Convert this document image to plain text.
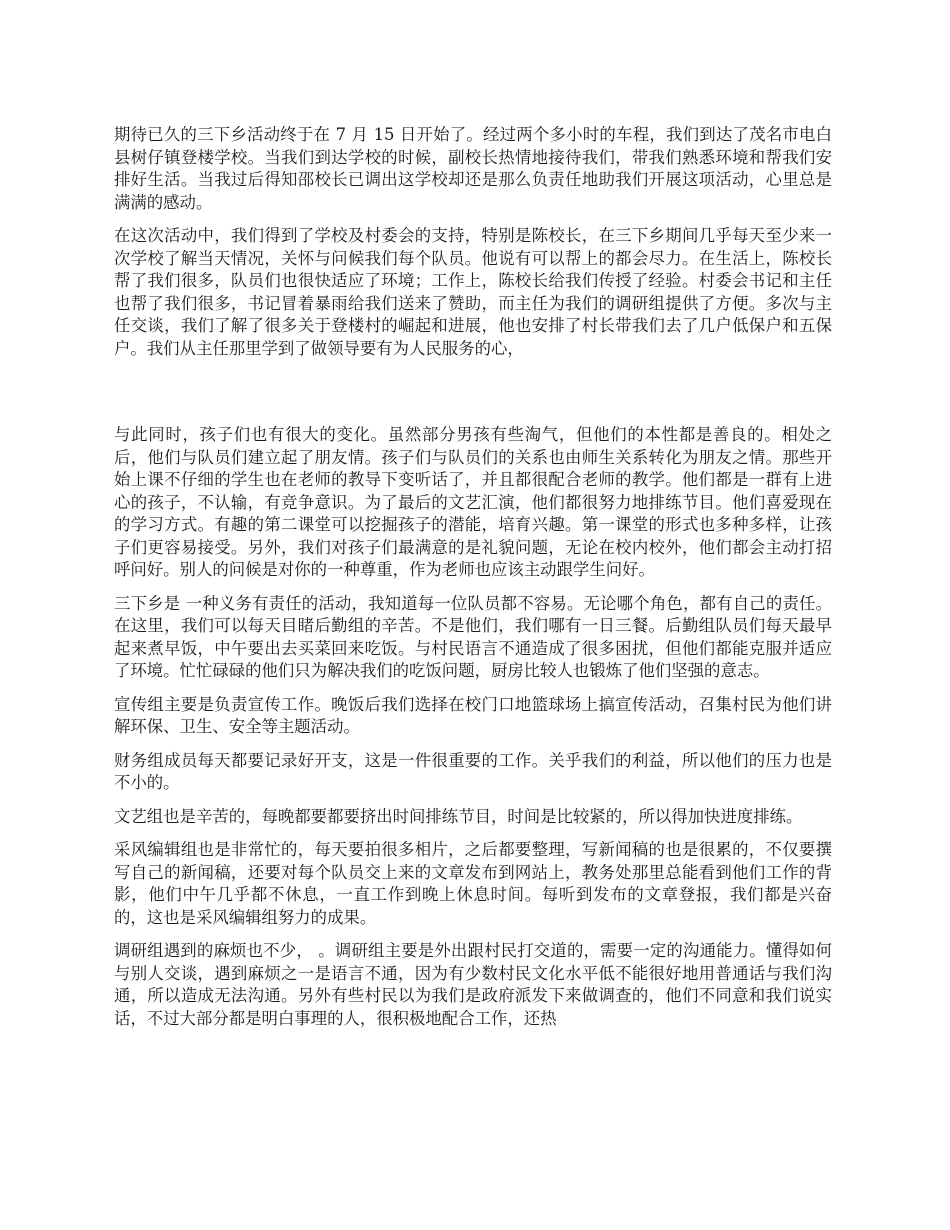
期待已久的三下乡活动终于在 7 月 15 日开始了。经过两个多小时的车程，我们到达了茂名市电白县树仔镇登楼学校。当我们到达学校的时候，副校长热情地接待我们，带我们熟悉环境和帮我们安排好生活。当我过后得知邵校长已调出这学校却还是那么负责任地助我们开展这项活动，心里总是满满的感动。

在这次活动中，我们得到了学校及村委会的支持，特别是陈校长，在三下乡期间几乎每天至少来一次学校了解当天情况，关怀与问候我们每个队员。他说有可以帮上的都会尽力。在生活上，陈校长帮了我们很多，队员们也很快适应了环境；工作上，陈校长给我们传授了经验。村委会书记和主任也帮了我们很多，书记冒着暴雨给我们送来了赞助，而主任为我们的调研组提供了方便。多次与主任交谈，我们了解了很多关于登楼村的崛起和进展，他也安排了村长带我们去了几户低保户和五保户。我们从主任那里学到了做领导要有为人民服务的心，

与此同时，孩子们也有很大的变化。虽然部分男孩有些淘气，但他们的本性都是善良的。相处之后，他们与队员们建立起了朋友情。孩子们与队员们的关系也由师生关系转化为朋友之情。那些开始上课不仔细的学生也在老师的教导下变听话了，并且都很配合老师的教学。他们都是一群有上进心的孩子，不认输，有竞争意识。为了最后的文艺汇演，他们都很努力地排练节目。他们喜爱现在的学习方式。有趣的第二课堂可以挖掘孩子的潜能，培育兴趣。第一课堂的形式也多种多样，让孩子们更容易接受。另外，我们对孩子们最满意的是礼貌问题，无论在校内校外，他们都会主动打招呼问好。别人的问候是对你的一种尊重，作为老师也应该主动跟学生问好。

三下乡是 一种义务有责任的活动，我知道每一位队员都不容易。无论哪个角色，都有自己的责任。在这里，我们可以每天目睹后勤组的辛苦。不是他们，我们哪有一日三餐。后勤组队员们每天最早起来煮早饭，中午要出去买菜回来吃饭。与村民语言不通造成了很多困扰，但他们都能克服并适应了环境。忙忙碌碌的他们只为解决我们的吃饭问题，厨房比较人也锻炼了他们坚强的意志。

宣传组主要是负责宣传工作。晚饭后我们选择在校门口地篮球场上搞宣传活动，召集村民为他们讲解环保、卫生、安全等主题活动。

财务组成员每天都要记录好开支，这是一件很重要的工作。关乎我们的利益，所以他们的压力也是不小的。

文艺组也是辛苦的，每晚都要都要挤出时间排练节目，时间是比较紧的，所以得加快进度排练。

采风编辑组也是非常忙的，每天要拍很多相片，之后都要整理，写新闻稿的也是很累的，不仅要撰写自己的新闻稿，还要对每个队员交上来的文章发布到网站上，教务处那里总能看到他们工作的背影，他们中午几乎都不休息，一直工作到晚上休息时间。每听到发布的文章登报，我们都是兴奋的，这也是采风编辑组努力的成果。

调研组遇到的麻烦也不少， 。调研组主要是外出跟村民打交道的，需要一定的沟通能力。懂得如何与别人交谈，遇到麻烦之一是语言不通，因为有少数村民文化水平低不能很好地用普通话与我们沟通，所以造成无法沟通。另外有些村民以为我们是政府派发下来做调查的，他们不同意和我们说实话，不过大部分都是明白事理的人，很积极地配合工作，还热
